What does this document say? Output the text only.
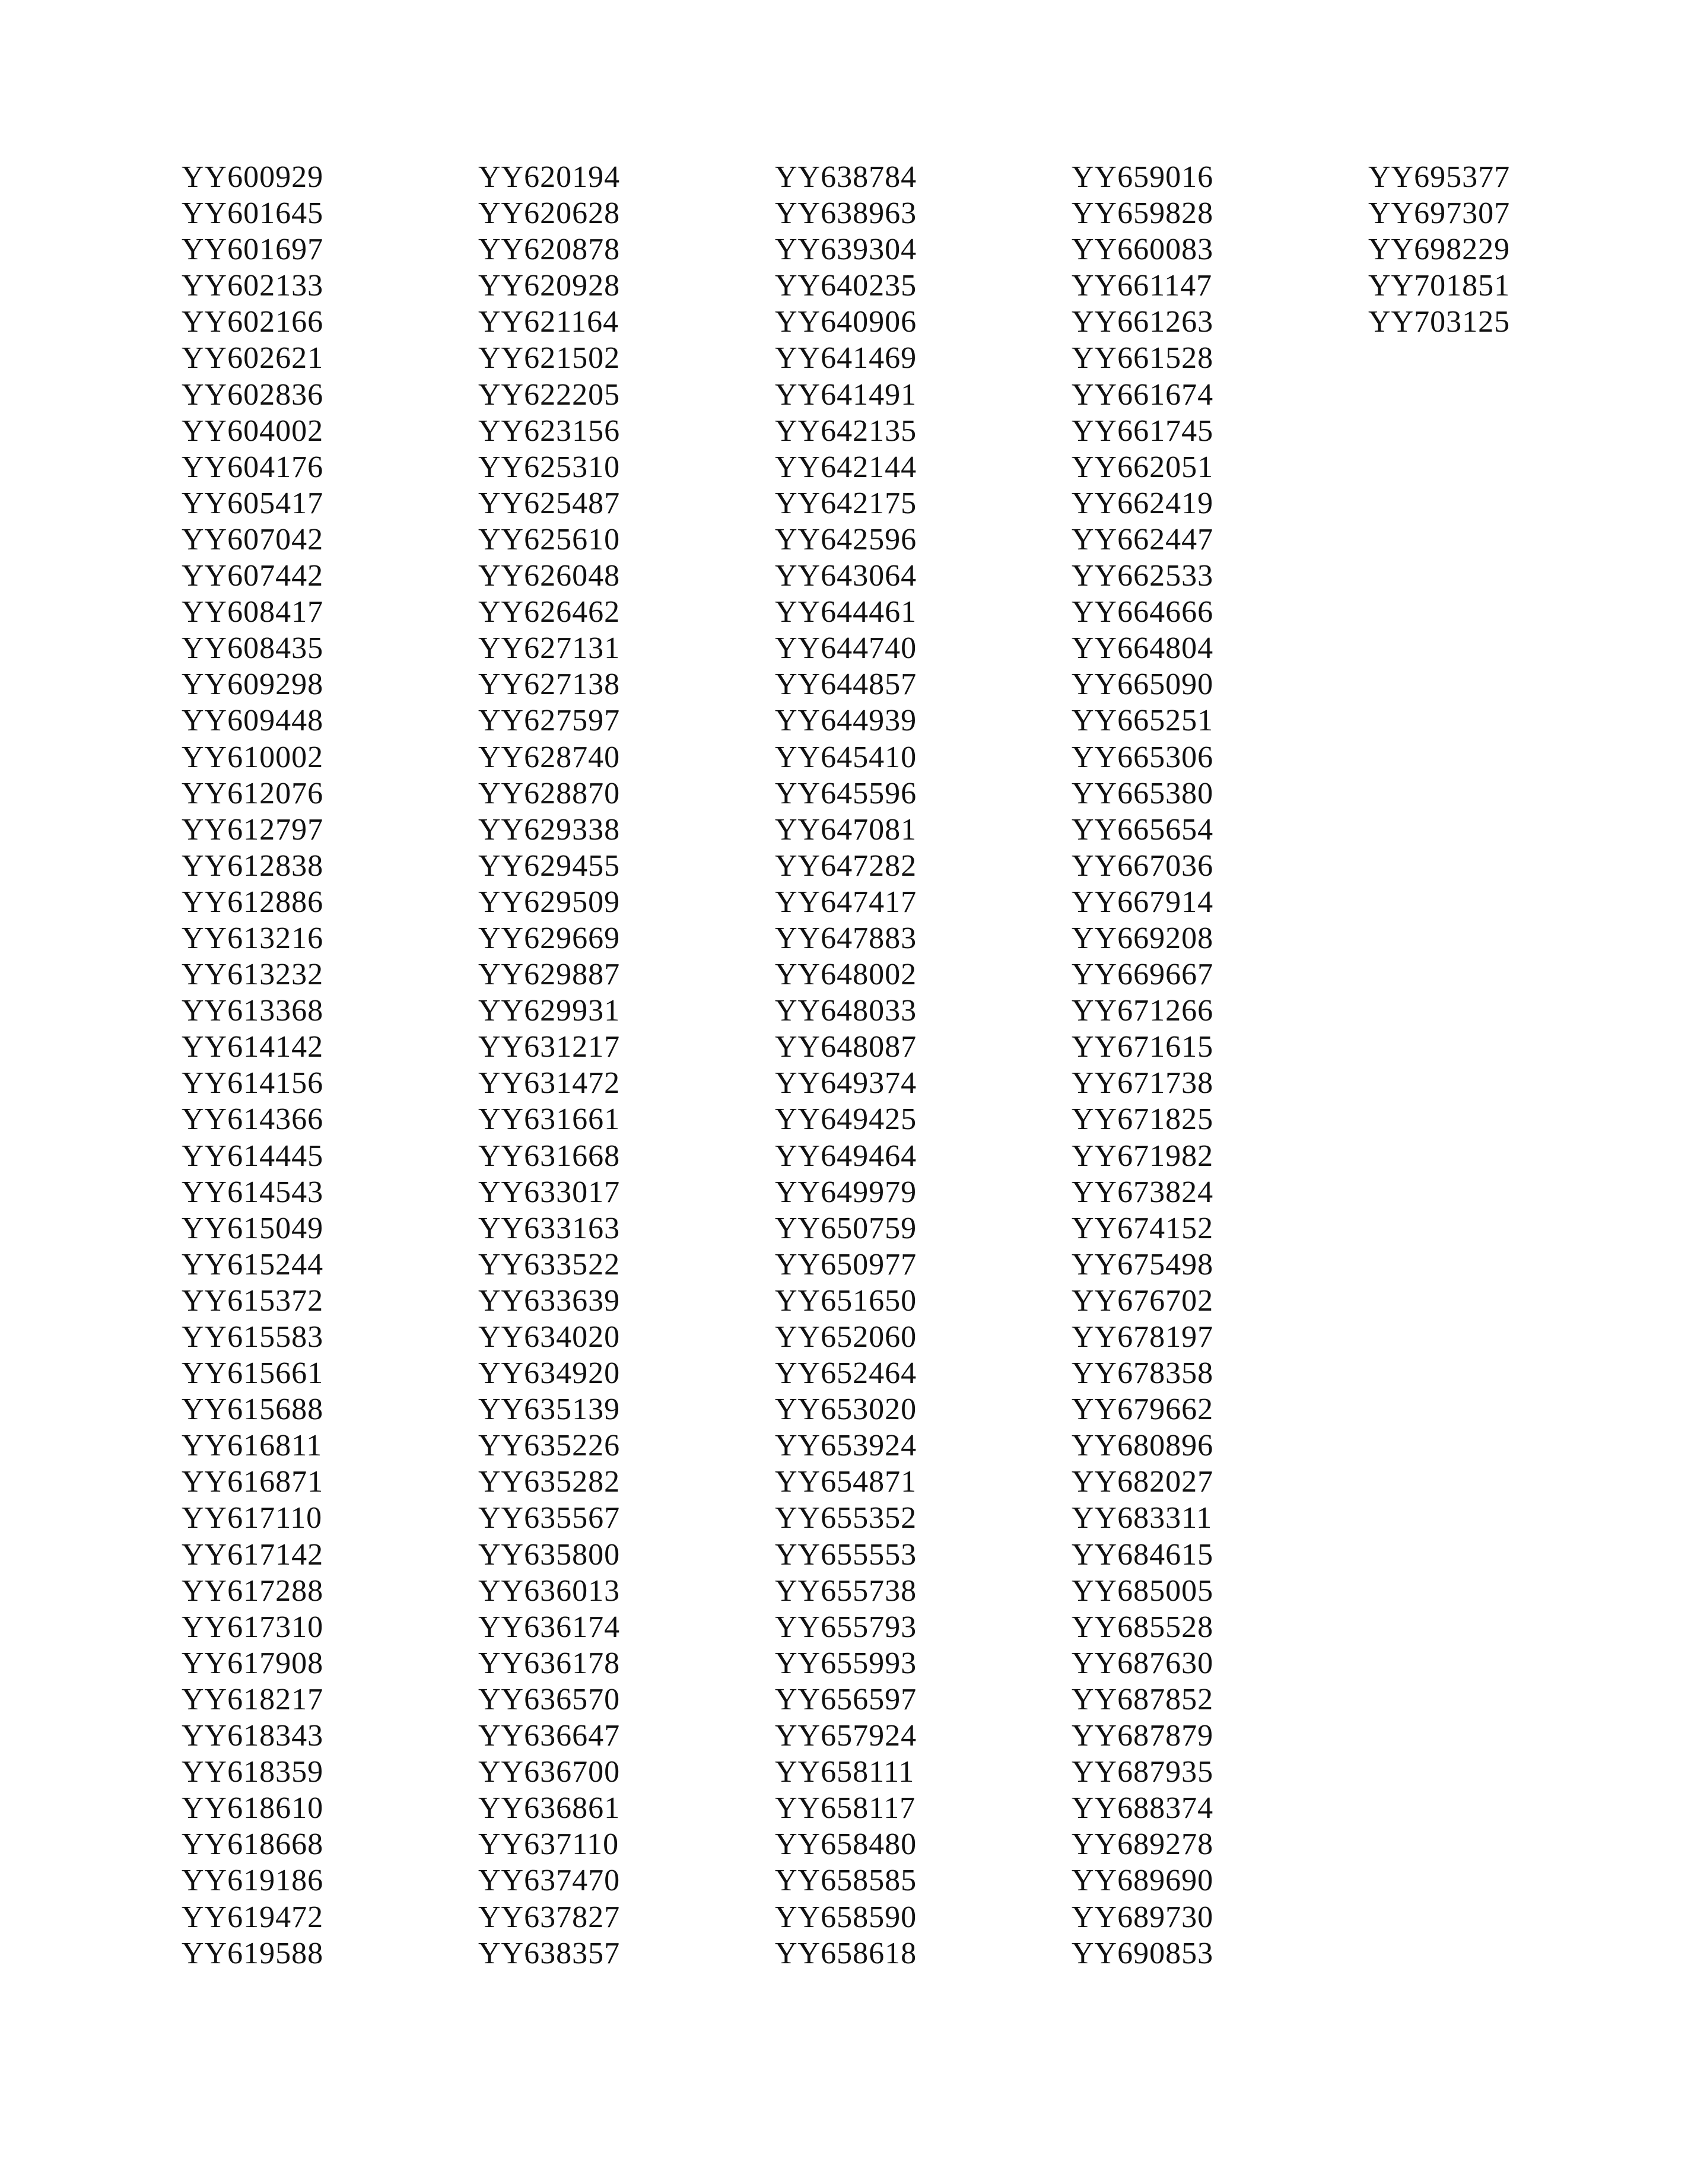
YY600929
YY601645
YY601697
YY602133
YY602166
YY602621
YY602836
YY604002
YY604176
YY605417
YY607042
YY607442
YY608417
YY608435
YY609298
YY609448
YY610002
YY612076
YY612797
YY612838
YY612886
YY613216
YY613232
YY613368
YY614142
YY614156
YY614366
YY614445
YY614543
YY615049
YY615244
YY615372
YY615583
YY615661
YY615688
YY616811
YY616871
YY617110
YY617142
YY617288
YY617310
YY617908
YY618217
YY618343
YY618359
YY618610
YY618668
YY619186
YY619472
YY619588
YY620194
YY620628
YY620878
YY620928
YY621164
YY621502
YY622205
YY623156
YY625310
YY625487
YY625610
YY626048
YY626462
YY627131
YY627138
YY627597
YY628740
YY628870
YY629338
YY629455
YY629509
YY629669
YY629887
YY629931
YY631217
YY631472
YY631661
YY631668
YY633017
YY633163
YY633522
YY633639
YY634020
YY634920
YY635139
YY635226
YY635282
YY635567
YY635800
YY636013
YY636174
YY636178
YY636570
YY636647
YY636700
YY636861
YY637110
YY637470
YY637827
YY638357
YY638784
YY638963
YY639304
YY640235
YY640906
YY641469
YY641491
YY642135
YY642144
YY642175
YY642596
YY643064
YY644461
YY644740
YY644857
YY644939
YY645410
YY645596
YY647081
YY647282
YY647417
YY647883
YY648002
YY648033
YY648087
YY649374
YY649425
YY649464
YY649979
YY650759
YY650977
YY651650
YY652060
YY652464
YY653020
YY653924
YY654871
YY655352
YY655553
YY655738
YY655793
YY655993
YY656597
YY657924
YY658111
YY658117
YY658480
YY658585
YY658590
YY658618
YY659016
YY659828
YY660083
YY661147
YY661263
YY661528
YY661674
YY661745
YY662051
YY662419
YY662447
YY662533
YY664666
YY664804
YY665090
YY665251
YY665306
YY665380
YY665654
YY667036
YY667914
YY669208
YY669667
YY671266
YY671615
YY671738
YY671825
YY671982
YY673824
YY674152
YY675498
YY676702
YY678197
YY678358
YY679662
YY680896
YY682027
YY683311
YY684615
YY685005
YY685528
YY687630
YY687852
YY687879
YY687935
YY688374
YY689278
YY689690
YY689730
YY690853
YY695377
YY697307
YY698229
YY701851
YY703125
